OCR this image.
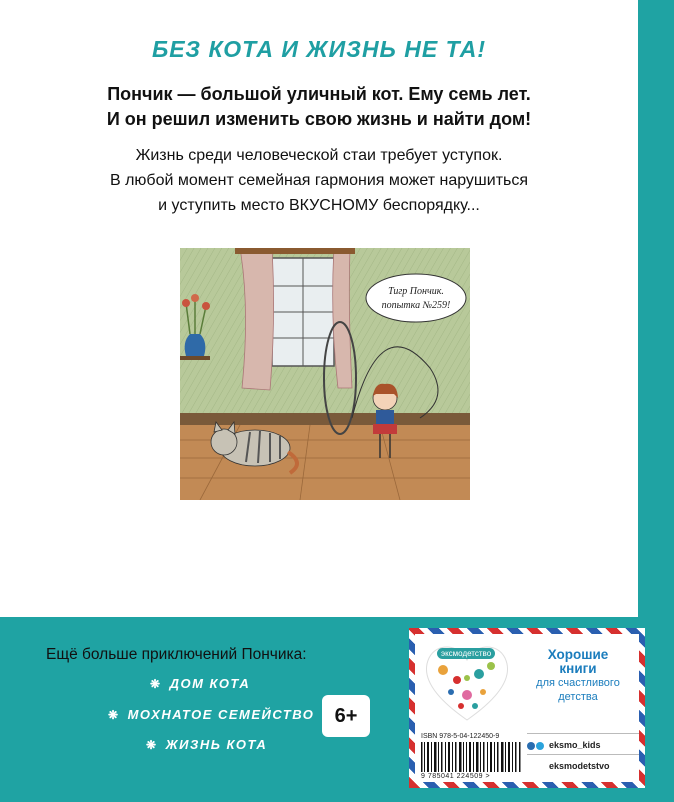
БЕЗ КОТА И ЖИЗНЬ НЕ ТА!
Пончик — большой уличный кот. Ему семь лет.
И он решил изменить свою жизнь и найти дом!
Жизнь среди человеческой стаи требует уступок.
В любой момент семейная гармония может нарушиться
и уступить место ВКУСНОМУ беспорядку...
Тигр Пончик.
попытка №259!
Ещё больше приключений Пончика:
❋ ДОМ КОТА
❋ МОХНАТОЕ СЕМЕЙСТВО
❋ ЖИЗНЬ КОТА
6+
эксмодетство	Хорошие
книги
для счастливого
детства
ISBN 978-5-04-122450-9
9 785041 224509 >
eksmo_kids
eksmodetstvo
